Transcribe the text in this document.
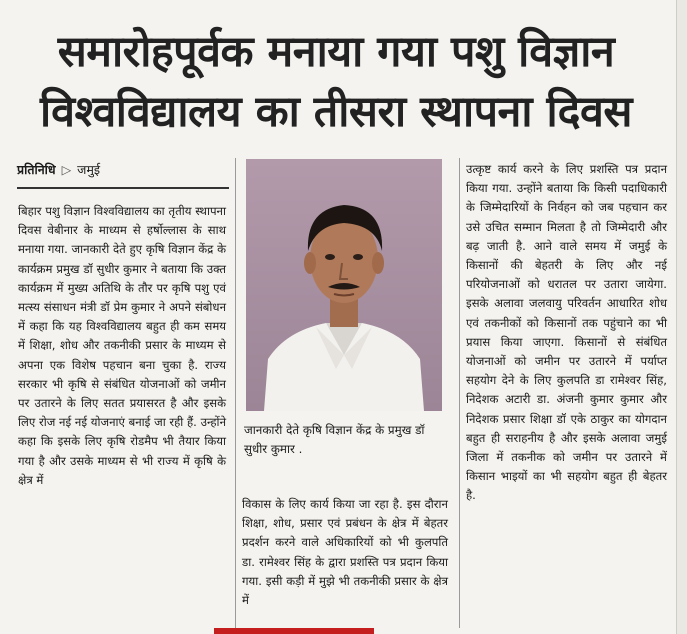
समारोहपूर्वक मनाया गया पशु विज्ञान
विश्वविद्यालय का तीसरा स्थापना दिवस
प्रतिनिधि ▷ जमुई

बिहार पशु विज्ञान विश्वविद्यालय का तृतीय स्थापना दिवस वेबीनार के माध्यम से हर्षोल्लास के साथ मनाया गया. जानकारी देते हुए कृषि विज्ञान केंद्र के कार्यक्रम प्रमुख डॉ सुधीर कुमार ने बताया कि उक्त कार्यक्रम में मुख्य अतिथि के तौर पर कृषि पशु एवं मत्स्य संसाधन मंत्री डॉ प्रेम कुमार ने अपने संबोधन में कहा कि यह विश्वविद्यालय बहुत ही कम समय में शिक्षा, शोध और तकनीकी प्रसार के माध्यम से अपना एक विशेष पहचान बना चुका है. राज्य सरकार भी कृषि से संबंधित योजनाओं को जमीन पर उतारने के लिए सतत प्रयासरत है और इसके लिए रोज नई नई योजनाएं बनाई जा रही हैं. उन्होंने कहा कि इसके लिए कृषि रोडमैप भी तैयार किया गया है और उसके माध्यम से भी राज्य में कृषि के क्षेत्र में

जानकारी देते कृषि विज्ञान केंद्र के प्रमुख डॉ सुधीर कुमार .

विकास के लिए कार्य किया जा रहा है. इस दौरान शिक्षा, शोध, प्रसार एवं प्रबंधन के क्षेत्र में बेहतर प्रदर्शन करने वाले अधिकारियों को भी कुलपति डा. रामेश्वर सिंह के द्वारा प्रशस्ति पत्र प्रदान किया गया. इसी कड़ी में मुझे भी तकनीकी प्रसार के क्षेत्र में

उत्कृष्ट कार्य करने के लिए प्रशस्ति पत्र प्रदान किया गया. उन्होंने बताया कि किसी पदाधिकारी के जिम्मेदारियों के निर्वहन को जब पहचान कर उसे उचित सम्मान मिलता है तो जिम्मेदारी और बढ़ जाती है. आने वाले समय में जमुई के किसानों की बेहतरी के लिए और नई परियोजनाओं को धरातल पर उतारा जायेगा. इसके अलावा जलवायु परिवर्तन आधारित शोध एवं तकनीकों को किसानों तक पहुंचाने का भी प्रयास किया जाएगा. किसानों से संबंधित योजनाओं को जमीन पर उतारने में पर्याप्त सहयोग देने के लिए कुलपति डा रामेश्वर सिंह, निदेशक अटारी डा. अंजनी कुमार कुमार और निदेशक प्रसार शिक्षा डॉ एके ठाकुर का योगदान बहुत ही सराहनीय है और इसके अलावा जमुई जिला में तकनीक को जमीन पर उतारने में किसान भाइयों का भी सहयोग बहुत ही बेहतर है.
